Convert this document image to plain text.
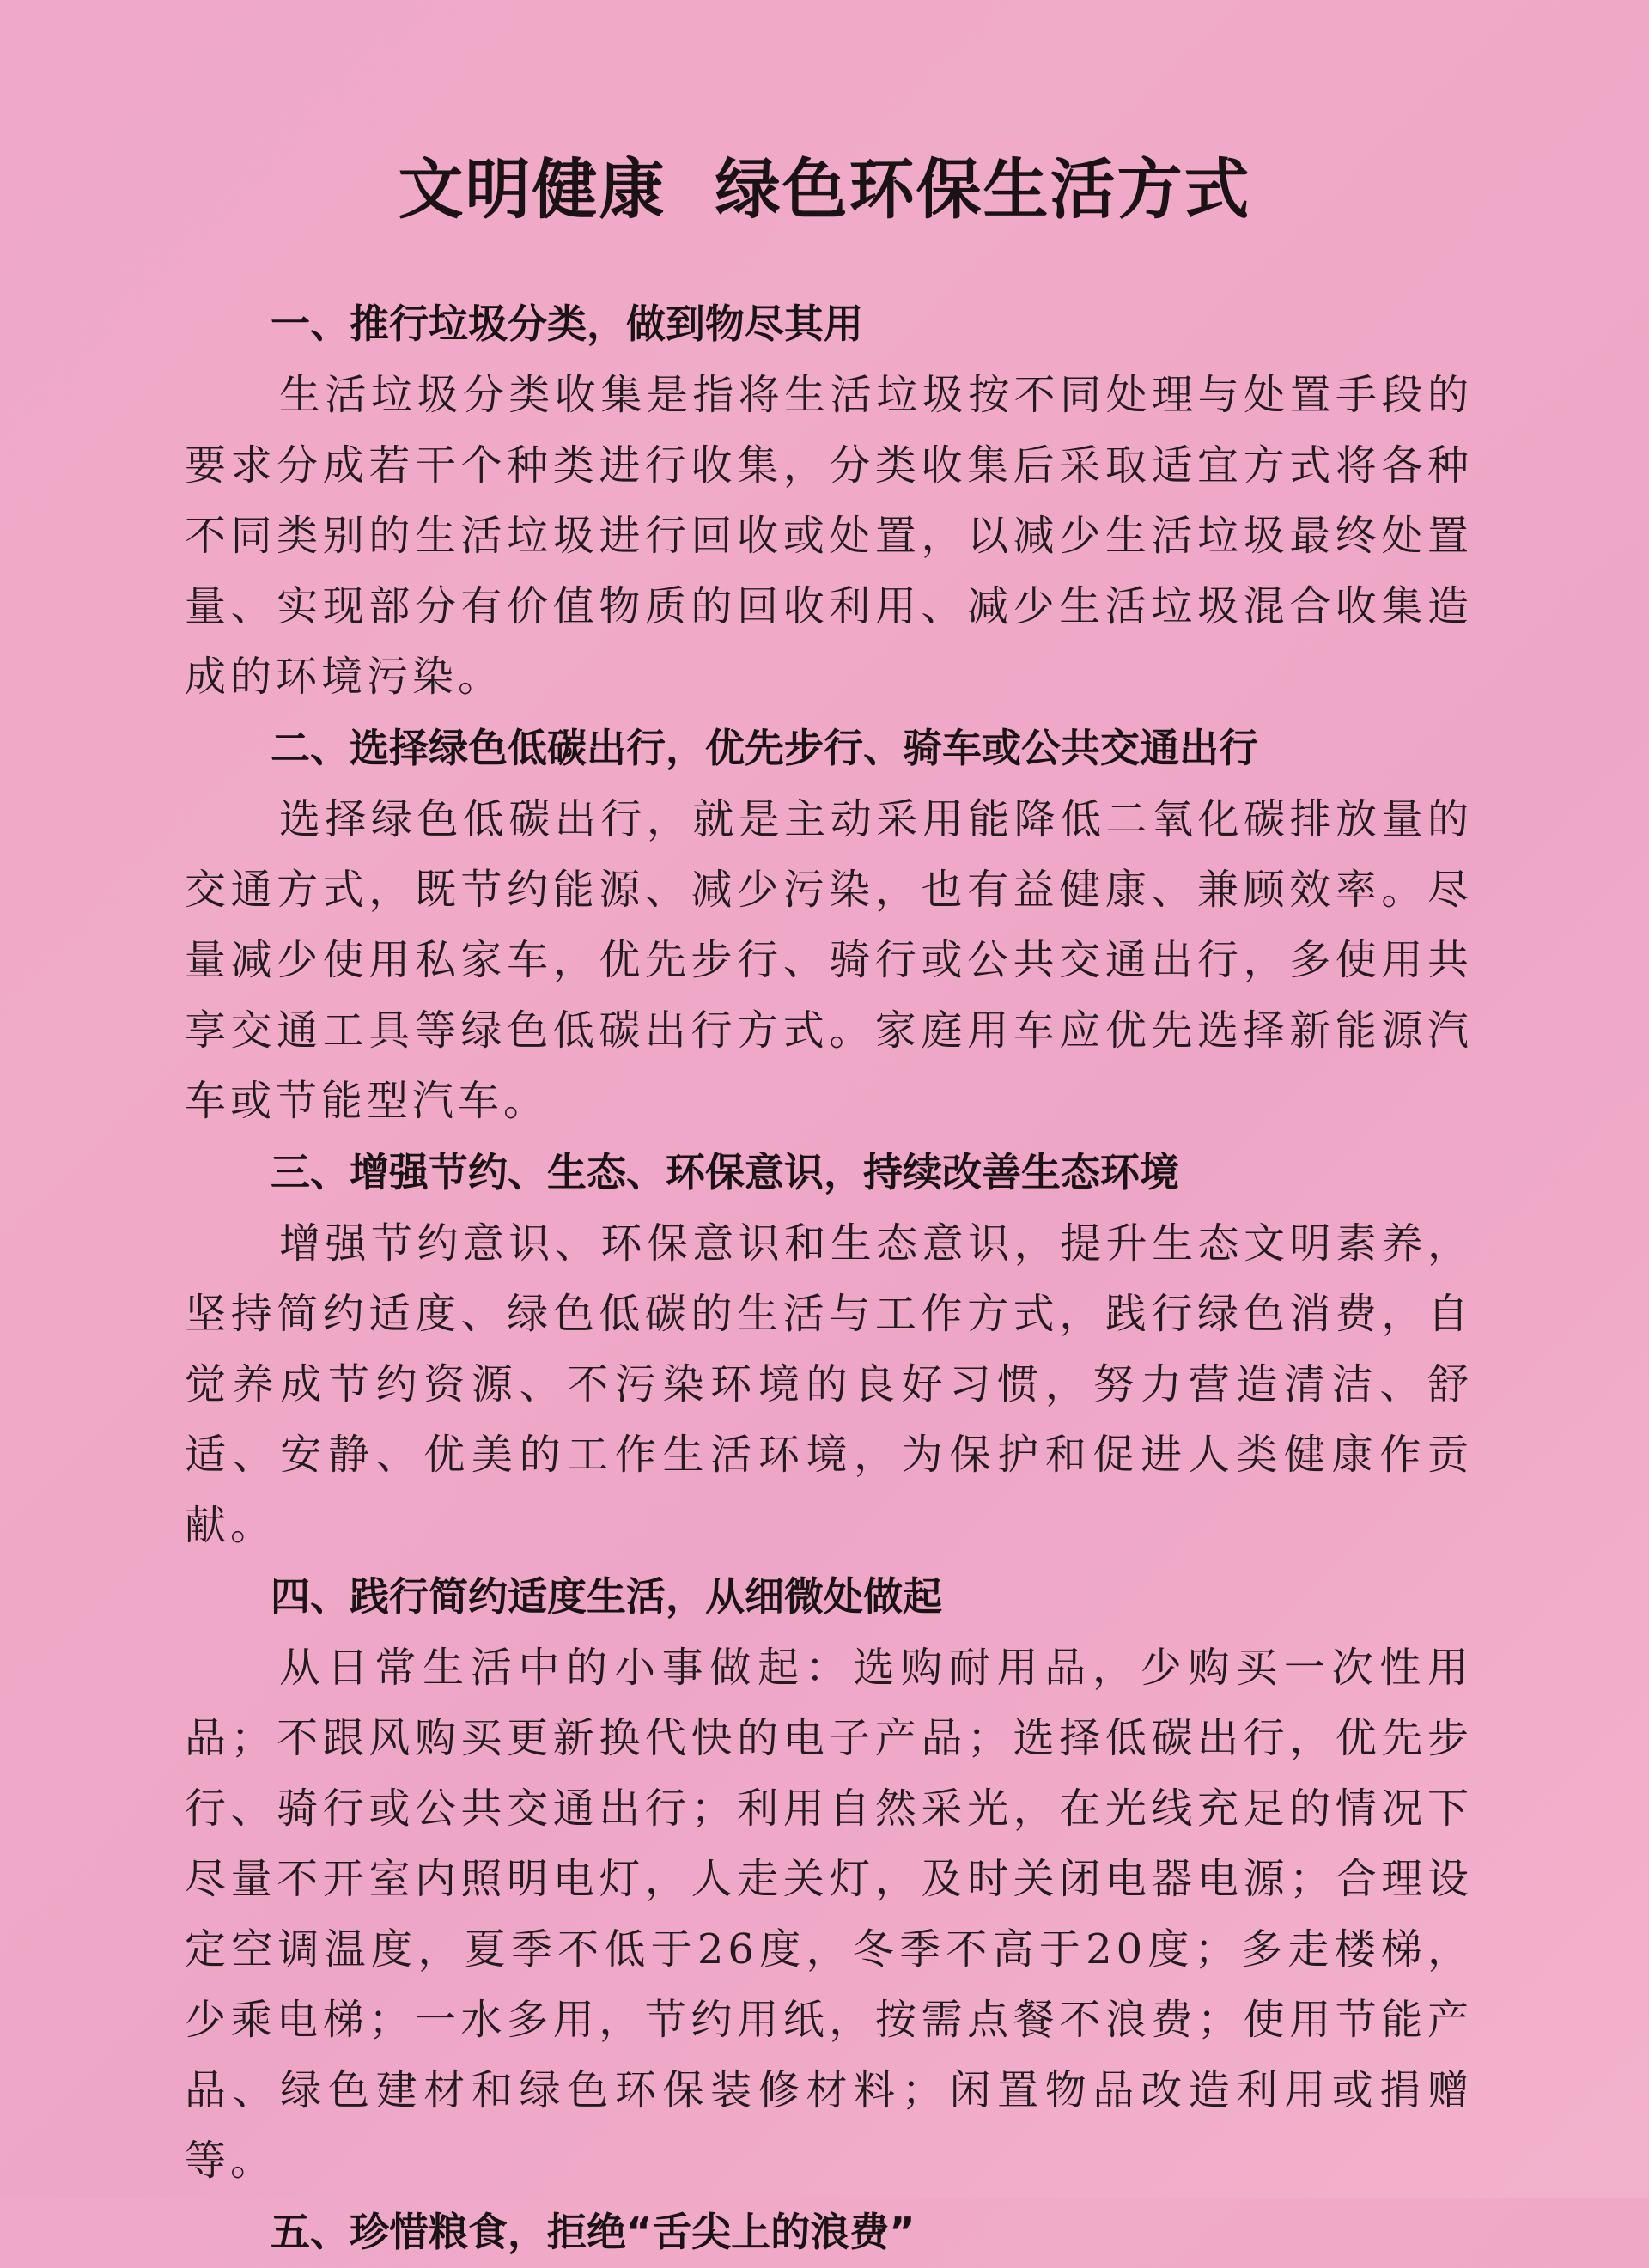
文明健康  绿色环保生活方式
一、推行垃圾分类，做到物尽其用

生活垃圾分类收集是指将生活垃圾按不同处理与处置手段的要求分成若干个种类进行收集，分类收集后采取适宜方式将各种不同类别的生活垃圾进行回收或处置，以减少生活垃圾最终处置量、实现部分有价值物质的回收利用、减少生活垃圾混合收集造成的环境污染。

二、选择绿色低碳出行，优先步行、骑车或公共交通出行

选择绿色低碳出行，就是主动采用能降低二氧化碳排放量的交通方式，既节约能源、减少污染，也有益健康、兼顾效率。尽量减少使用私家车，优先步行、骑行或公共交通出行，多使用共享交通工具等绿色低碳出行方式。家庭用车应优先选择新能源汽车或节能型汽车。

三、增强节约、生态、环保意识，持续改善生态环境

增强节约意识、环保意识和生态意识，提升生态文明素养，坚持简约适度、绿色低碳的生活与工作方式，践行绿色消费，自觉养成节约资源、不污染环境的良好习惯，努力营造清洁、舒适、安静、优美的工作生活环境，为保护和促进人类健康作贡献。

四、践行简约适度生活，从细微处做起

从日常生活中的小事做起：选购耐用品，少购买一次性用品；不跟风购买更新换代快的电子产品；选择低碳出行，优先步行、骑行或公共交通出行；利用自然采光，在光线充足的情况下尽量不开室内照明电灯，人走关灯，及时关闭电器电源；合理设定空调温度，夏季不低于26度，冬季不高于20度；多走楼梯，少乘电梯；一水多用，节约用纸，按需点餐不浪费；使用节能产品、绿色建材和绿色环保装修材料；闲置物品改造利用或捐赠等。

五、珍惜粮食，拒绝“舌尖上的浪费”
